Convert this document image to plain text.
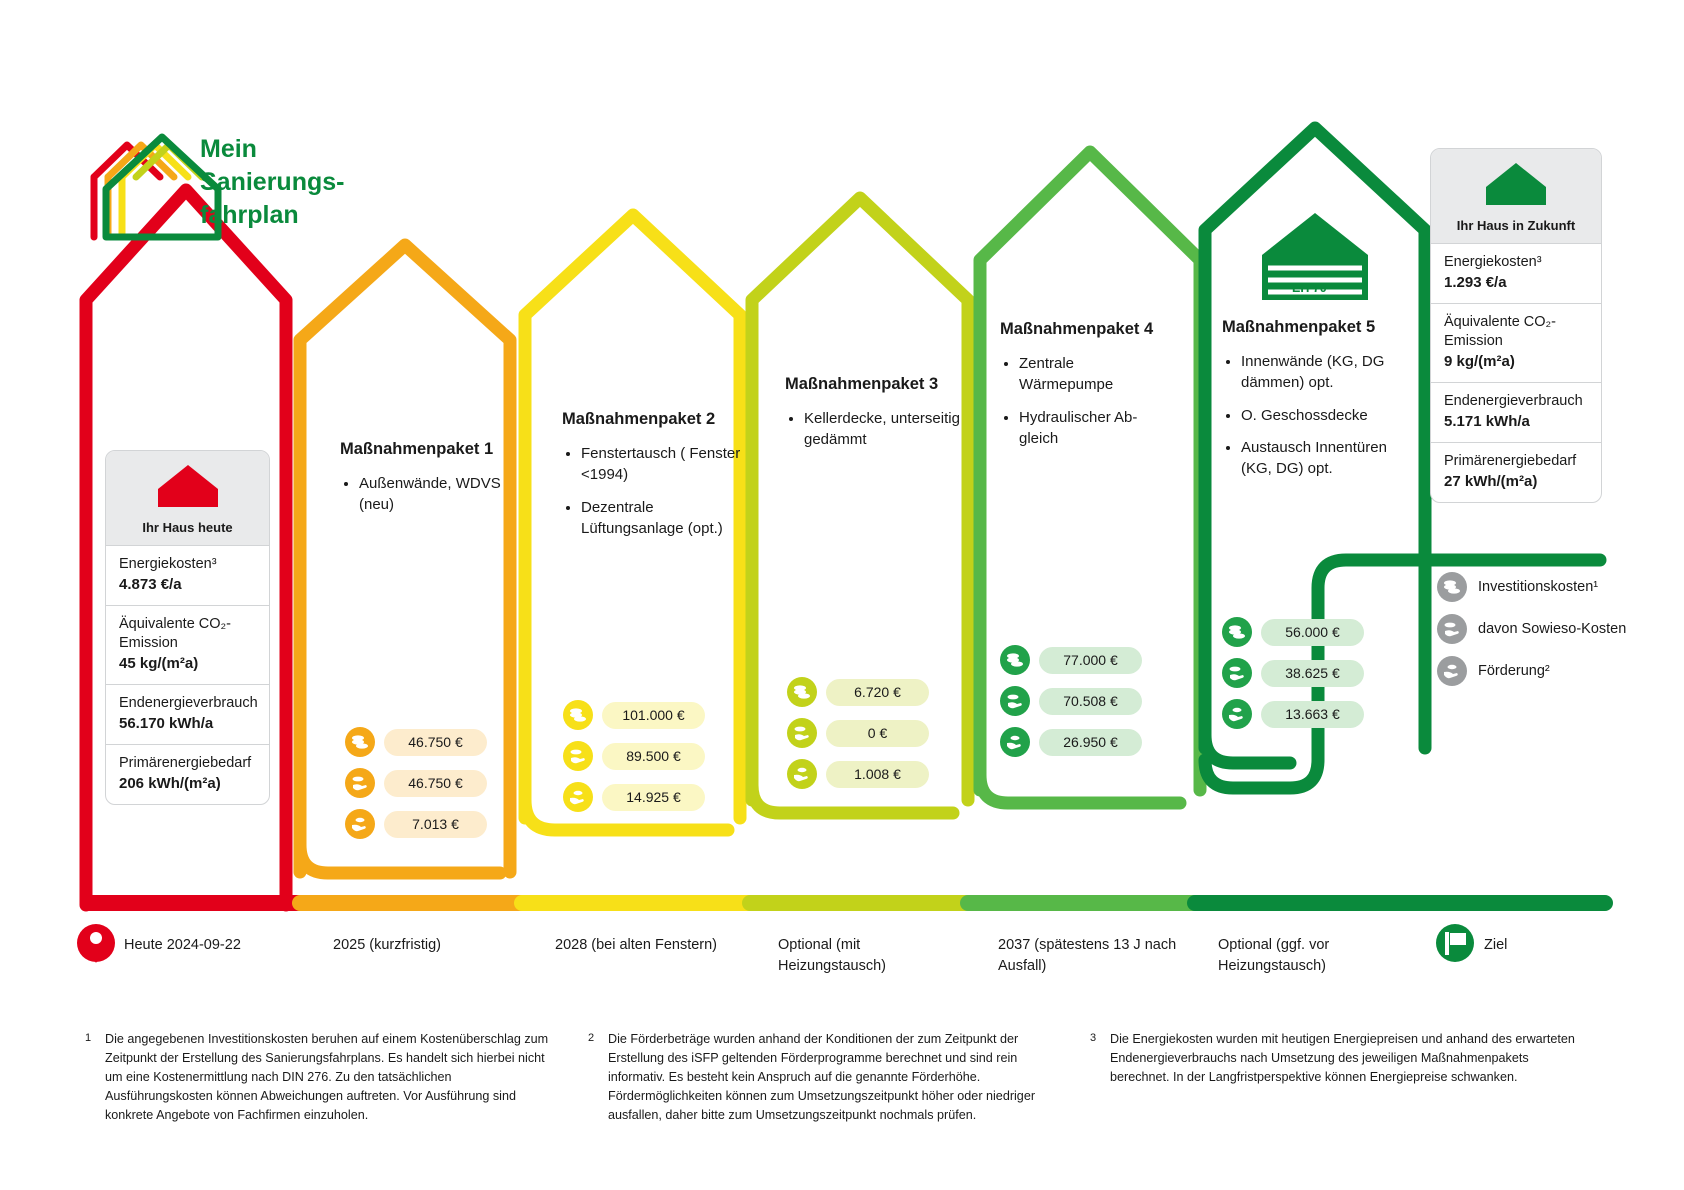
Mein
Sanierungs-
fahrplan
Ihr Haus heute
Energiekosten³
4.873 €/a
Äquivalente CO₂-Emission
45 kg/(m²a)
Endenergieverbrauch
56.170 kWh/a
Primärenergiebedarf
206 kWh/(m²a)
Ihr Haus in Zukunft
Energiekosten³
1.293 €/a
Äquivalente CO₂-Emission
9 kg/(m²a)
Endenergieverbrauch
5.171 kWh/a
Primärenergiebedarf
27 kWh/(m²a)
EH 70
Maßnahmenpaket 1
• Außenwände, WDVS (neu)
46.750 €
46.750 €
7.013 €
Maßnahmenpaket 2
• Fenstertausch ( Fenster <1994)
• Dezentrale Lüftungsanlage (opt.)
101.000 €
89.500 €
14.925 €
Maßnahmenpaket 3
• Kellerdecke, unterseitig gedämmt
6.720 €
0 €
1.008 €
Maßnahmenpaket 4
• Zentrale Wärmepumpe
• Hydraulischer Ab-gleich
77.000 €
70.508 €
26.950 €
Maßnahmenpaket 5
• Innenwände (KG, DG dämmen) opt.
• O. Geschossdecke
• Austausch Innentüren (KG, DG) opt.
56.000 €
38.625 €
13.663 €
Investitionskosten¹
davon Sowieso-Kosten
Förderung²
Heute 2024-09-22	2025 (kurzfristig)	2028 (bei alten Fenstern)	Optional (mit Heizungstausch)
2037 (spätestens 13 J nach Ausfall)
Optional (ggf. vor Heizungstausch)
Ziel
1 Die angegebenen Investitionskosten beruhen auf einem Kostenüberschlag zum Zeitpunkt der Erstellung des Sanierungsfahrplans. Es handelt sich hierbei nicht um eine Kostenermittlung nach DIN 276. Zu den tatsächlichen Ausführungskosten können Abweichungen auftreten. Vor Ausführung sind konkrete Angebote von Fachfirmen einzuholen.
2 Die Förderbeträge wurden anhand der Konditionen der zum Zeitpunkt der Erstellung des iSFP geltenden Förderprogramme berechnet und sind rein informativ. Es besteht kein Anspruch auf die genannte Förderhöhe. Fördermöglichkeiten können zum Umsetzungszeitpunkt höher oder niedriger ausfallen, daher bitte zum Umsetzungszeitpunkt nochmals prüfen.
3 Die Energiekosten wurden mit heutigen Energiepreisen und anhand des erwarteten Endenergieverbrauchs nach Umsetzung des jeweiligen Maßnahmenpakets berechnet. In der Langfristperspektive können Energiepreise schwanken.
